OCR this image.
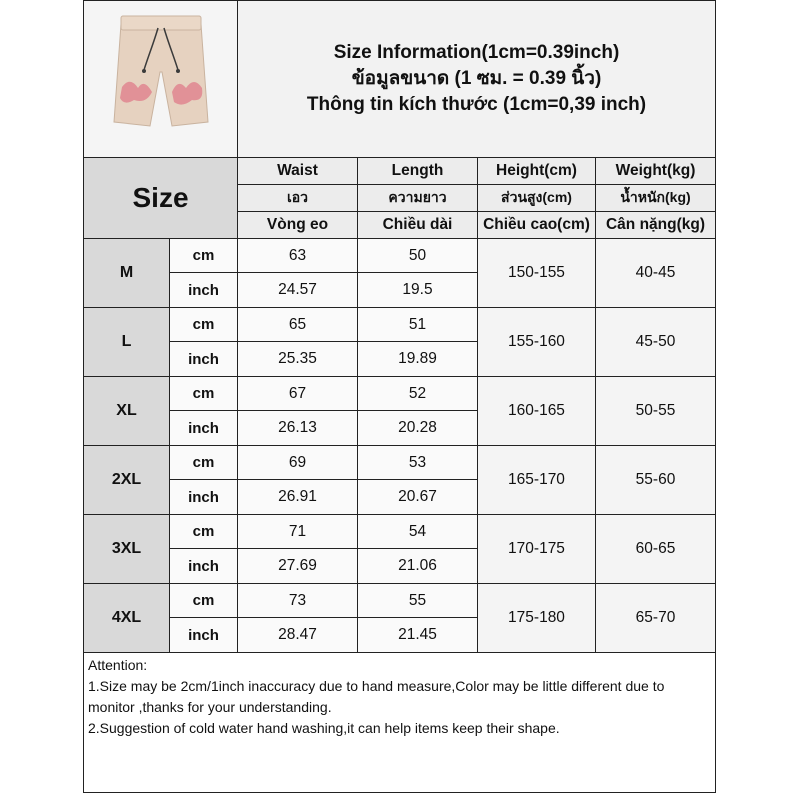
Size Information(1cm=0.39inch)
ข้อมูลขนาด (1 ซม. = 0.39 นิ้ว)
Thông tin kích thước (1cm=0,39 inch)			

Size		Waist	Length	Height(cm)	Weight(kg)
		เอว	ความยาว	ส่วนสูง(cm)	น้ำหนัก(kg)
		Vòng eo	Chiều dài	Chiều cao(cm)	Cân nặng(kg)
M	cm	63	50	150-155	40-45
	inch	24.57	19.5		
L	cm	65	51	155-160	45-50
	inch	25.35	19.89		
XL	cm	67	52	160-165	50-55
	inch	26.13	20.28		
2XL	cm	69	53	165-170	55-60
	inch	26.91	20.67		
3XL	cm	71	54	170-175	60-65
	inch	27.69	21.06		
4XL	cm	73	55	175-180	65-70
	inch	28.47	21.45		

Attention:
1.Size may be 2cm/1inch inaccuracy due to hand measure,Color may be little different due to monitor ,thanks for your understanding.
2.Suggestion of cold water hand washing,it can help items keep their shape.					
